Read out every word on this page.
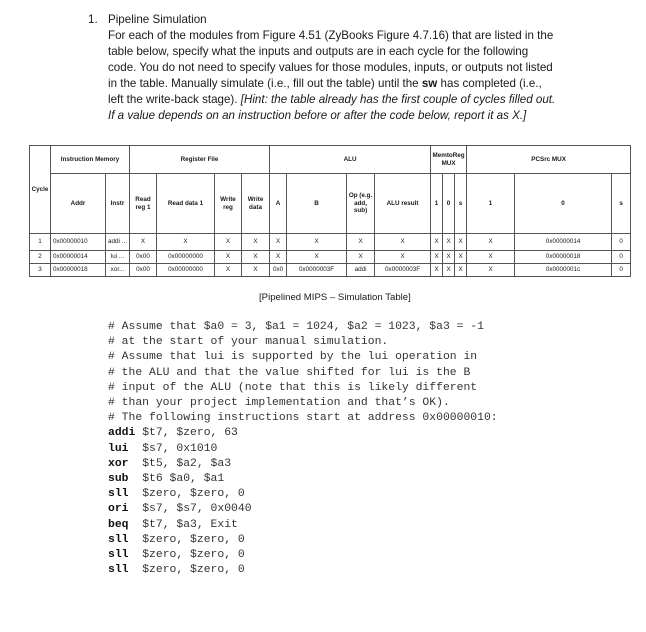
1. Pipeline Simulation

For each of the modules from Figure 4.51 (ZyBooks Figure 4.7.16) that are listed in the

table below, specify what the inputs and outputs are in each cycle for the following

code. You do not need to specify values for those modules, inputs, or outputs not listed

in the table. Manually simulate (i.e., fill out the table) until the sw has completed (i.e.,

left the write-back stage). [Hint: the table already has the first couple of cycles filled out.

If a value depends on an instruction before or after the code below, report it as X.]

Cycle	Instruction Memory		Register File				ALU				MemtoReg MUX			PCSrc MUX		
	Addr	Instr	Read reg 1	Read data 1	Write reg	Write data	A	B	Op (e.g. add, sub)	ALU result	1	0	s	1	0	s
1	0x00000010	addi ...	X	X	X	X	X	X	X	X	X	X	X	X	0x00000014	0
2	0x00000014	lui ...	0x00	0x00000000	X	X	X	X	X	X	X	X	X	X	0x00000018	0
3	0x00000018	xor...	0x00	0x00000000	X	X	0x0	0x0000003F	addi	0x0000003F	X	X	X	X	0x0000001c	0
[Pipelined MIPS – Simulation Table]
# Assume that $a0 = 3, $a1 = 1024, $a2 = 1023, $a3 = -1
# at the start of your manual simulation.
# Assume that lui is supported by the lui operation in
# the ALU and that the value shifted for lui is the B
# input of the ALU (note that this is likely different
# than your project implementation and that’s OK).
# The following instructions start at address 0x00000010:
addi $t7, $zero, 63
lui $s7, 0x1010
xor $t5, $a2, $a3
sub $t6 $a0, $a1
sll $zero, $zero, 0
ori $s7, $s7, 0x0040
beq $t7, $a3, Exit
sll $zero, $zero, 0
sll $zero, $zero, 0
sll $zero, $zero, 0
